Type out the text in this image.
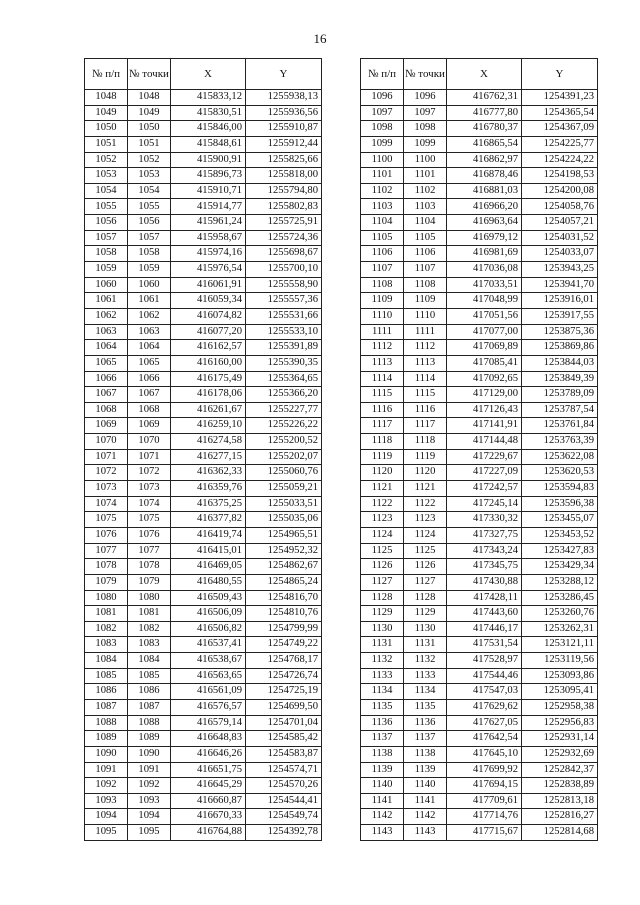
16
№ п/п	№ точки	X	Y
1048	1048	415833,12	1255938,13
1049	1049	415830,51	1255936,56
1050	1050	415846,00	1255910,87
1051	1051	415848,61	1255912,44
1052	1052	415900,91	1255825,66
1053	1053	415896,73	1255818,00
1054	1054	415910,71	1255794,80
1055	1055	415914,77	1255802,83
1056	1056	415961,24	1255725,91
1057	1057	415958,67	1255724,36
1058	1058	415974,16	1255698,67
1059	1059	415976,54	1255700,10
1060	1060	416061,91	1255558,90
1061	1061	416059,34	1255557,36
1062	1062	416074,82	1255531,66
1063	1063	416077,20	1255533,10
1064	1064	416162,57	1255391,89
1065	1065	416160,00	1255390,35
1066	1066	416175,49	1255364,65
1067	1067	416178,06	1255366,20
1068	1068	416261,67	1255227,77
1069	1069	416259,10	1255226,22
1070	1070	416274,58	1255200,52
1071	1071	416277,15	1255202,07
1072	1072	416362,33	1255060,76
1073	1073	416359,76	1255059,21
1074	1074	416375,25	1255033,51
1075	1075	416377,82	1255035,06
1076	1076	416419,74	1254965,51
1077	1077	416415,01	1254952,32
1078	1078	416469,05	1254862,67
1079	1079	416480,55	1254865,24
1080	1080	416509,43	1254816,70
1081	1081	416506,09	1254810,76
1082	1082	416506,82	1254799,99
1083	1083	416537,41	1254749,22
1084	1084	416538,67	1254768,17
1085	1085	416563,65	1254726,74
1086	1086	416561,09	1254725,19
1087	1087	416576,57	1254699,50
1088	1088	416579,14	1254701,04
1089	1089	416648,83	1254585,42
1090	1090	416646,26	1254583,87
1091	1091	416651,75	1254574,71
1092	1092	416645,29	1254570,26
1093	1093	416660,87	1254544,41
1094	1094	416670,33	1254549,74
1095	1095	416764,88	1254392,78
№ п/п	№ точки	X	Y
1096	1096	416762,31	1254391,23
1097	1097	416777,80	1254365,54
1098	1098	416780,37	1254367,09
1099	1099	416865,54	1254225,77
1100	1100	416862,97	1254224,22
1101	1101	416878,46	1254198,53
1102	1102	416881,03	1254200,08
1103	1103	416966,20	1254058,76
1104	1104	416963,64	1254057,21
1105	1105	416979,12	1254031,52
1106	1106	416981,69	1254033,07
1107	1107	417036,08	1253943,25
1108	1108	417033,51	1253941,70
1109	1109	417048,99	1253916,01
1110	1110	417051,56	1253917,55
1111	1111	417077,00	1253875,36
1112	1112	417069,89	1253869,86
1113	1113	417085,41	1253844,03
1114	1114	417092,65	1253849,39
1115	1115	417129,00	1253789,09
1116	1116	417126,43	1253787,54
1117	1117	417141,91	1253761,84
1118	1118	417144,48	1253763,39
1119	1119	417229,67	1253622,08
1120	1120	417227,09	1253620,53
1121	1121	417242,57	1253594,83
1122	1122	417245,14	1253596,38
1123	1123	417330,32	1253455,07
1124	1124	417327,75	1253453,52
1125	1125	417343,24	1253427,83
1126	1126	417345,75	1253429,34
1127	1127	417430,88	1253288,12
1128	1128	417428,11	1253286,45
1129	1129	417443,60	1253260,76
1130	1130	417446,17	1253262,31
1131	1131	417531,54	1253121,11
1132	1132	417528,97	1253119,56
1133	1133	417544,46	1253093,86
1134	1134	417547,03	1253095,41
1135	1135	417629,62	1252958,38
1136	1136	417627,05	1252956,83
1137	1137	417642,54	1252931,14
1138	1138	417645,10	1252932,69
1139	1139	417699,92	1252842,37
1140	1140	417694,15	1252838,89
1141	1141	417709,61	1252813,18
1142	1142	417714,76	1252816,27
1143	1143	417715,67	1252814,68
